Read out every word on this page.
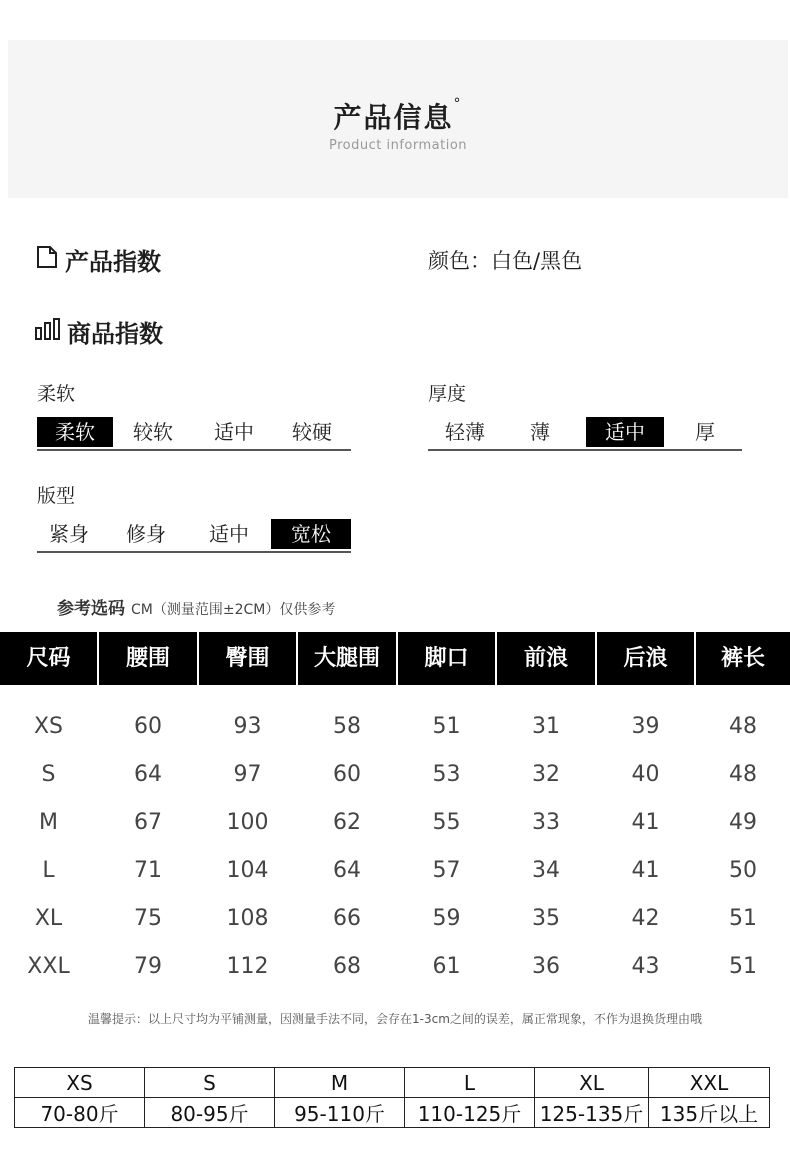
产品信息°
Product information
产品指数	颜色：白色/黑色
商品指数
柔软
柔软	较软	适中	较硬
厚度
轻薄	薄	适中	厚
版型
紧身	修身	适中	宽松
参考选码 CM（测量范围±2CM）仅供参考
尺码	腰围	臀围	大腿围	脚口	前浪	后浪	裤长
XS	60	93	58	51	31	39	48
S	64	97	60	53	32	40	48
M	67	100	62	55	33	41	49
L	71	104	64	57	34	41	50
XL	75	108	66	59	35	42	51
XXL	79	112	68	61	36	43	51
温馨提示：以上尺寸均为平铺测量，因测量手法不同，会存在1-3cm之间的误差，属正常现象，不作为退换货理由哦
XS	S	M	L	XL	XXL
70-80斤	80-95斤	95-110斤	110-125斤	125-135斤	135斤以上
